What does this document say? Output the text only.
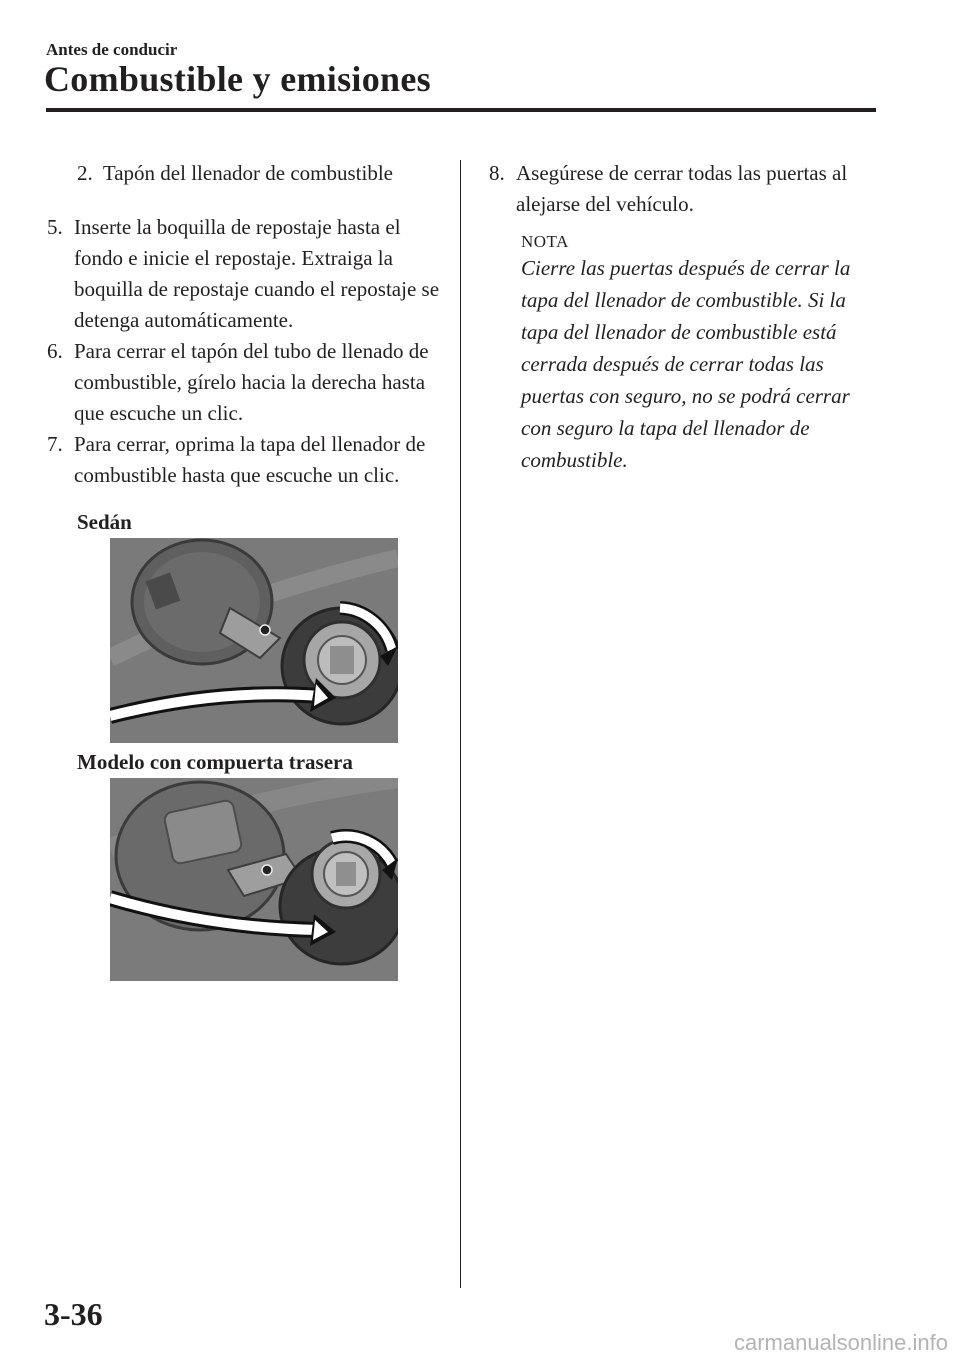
Antes de conducir
Combustible y emisiones
2.  Tapón del llenador de combustible
5. Inserte la boquilla de repostaje hasta el fondo e inicie el repostaje. Extraiga la boquilla de repostaje cuando el repostaje se detenga automáticamente.
6. Para cerrar el tapón del tubo de llenado de combustible, gírelo hacia la derecha hasta que escuche un clic.
7. Para cerrar, oprima la tapa del llenador de combustible hasta que escuche un clic.
Sedán
Modelo con compuerta trasera
8. Asegúrese de cerrar todas las puertas al
alejarse del vehículo.
NOTA
Cierre las puertas después de cerrar la tapa del llenador de combustible. Si la tapa del llenador de combustible está cerrada después de cerrar todas las puertas con seguro, no se podrá cerrar con seguro la tapa del llenador de combustible.
3-36
carmanualsonline.info
